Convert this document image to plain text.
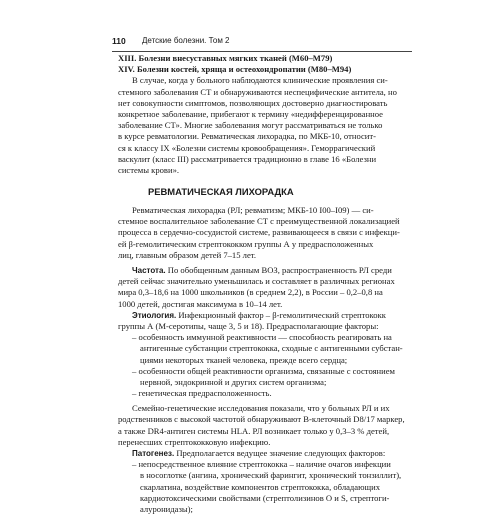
110 Детские болезни. Том 2
XIII. Болезни внесуставных мягких тканей (M60–M79)
XIV. Болезни костей, хряща и остеохондропатии (M80–M94)
В случае, когда у больного наблюдаются клинические проявления си-
стемного заболевания СТ и обнаруживаются неспецифические антитела, но
нет совокупности симптомов, позволяющих достоверно диагностировать
конкретное заболевание, прибегают к термину «недифференцированное
заболевание СТ». Многие заболевания могут рассматриваться не только
в курсе ревматологии. Ревматическая лихорадка, по МКБ-10, относит-
ся к классу IX «Болезни системы кровообращения». Геморрагический
васкулит (класс III) рассматривается традиционно в главе 16 «Болезни
системы крови».
РЕВМАТИЧЕСКАЯ ЛИХОРАДКА
Ревматическая лихорадка (РЛ; ревматизм; МКБ-10 I00–I09) — си-
стемное воспалительное заболевание СТ с преимущественной локализацией
процесса в сердечно-сосудистой системе, развивающееся в связи с инфекци-
ей β-гемолитическим стрептококком группы А у предрасположенных
лиц, главным образом детей 7–15 лет.
Частота. По обобщенным данным ВОЗ, распространенность РЛ среди
детей сейчас значительно уменьшилась и составляет в различных регионах
мира 0,3–18,6 на 1000 школьников (в среднем 2,2), в России – 0,2–0,8 на
1000 детей, достигая максимума в 10–14 лет.
Этиология. Инфекционный фактор – β-гемолитический стрептококк
группы А (М-серотипы, чаще 3, 5 и 18). Предрасполагающие факторы:
– особенность иммунной реактивности — способность реагировать на
антигенные субстанции стрептококка, сходные с антигенными субстан-
циями некоторых тканей человека, прежде всего сердца;
– особенности общей реактивности организма, связанные с состоянием
нервной, эндокринной и других систем организма;
– генетическая предрасположенность.
Семейно-генетические исследования показали, что у больных РЛ и их
родственников с высокой частотой обнаруживают B-клеточный D8/17 маркер,
а также DR4-антиген системы HLA. РЛ возникает только у 0,3–3 % детей,
перенесших стрептококковую инфекцию.
Патогенез. Предполагается ведущее значение следующих факторов:
– непосредственное влияние стрептококка – наличие очагов инфекции
в носоглотке (ангина, хронический фарингит, хронический тонзиллит),
скарлатина, воздействие компонентов стрептококка, обладающих
кардиотоксическими свойствами (стрептолизинов О и S, стрептоги-
алуронидазы);
